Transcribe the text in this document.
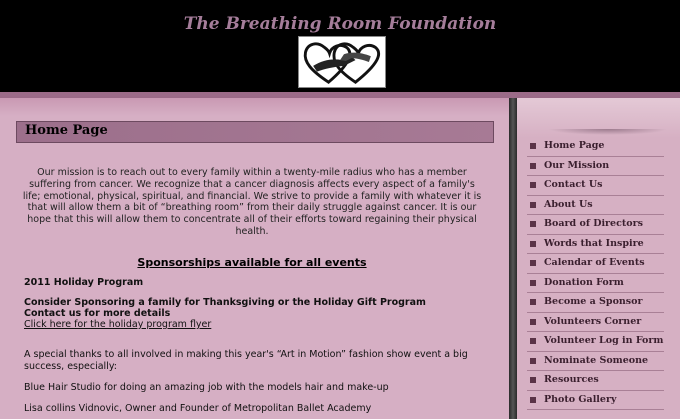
The Breathing Room Foundation
Home Page

Our mission is to reach out to every family within a twenty-mile radius who has a member suffering from cancer. We recognize that a cancer diagnosis affects every aspect of a family's life; emotional, physical, spiritual, and financial. We strive to provide a family with whatever it is that will allow them a bit of “breathing room” from their daily struggle against cancer. It is our hope that this will allow them to concentrate all of their efforts toward regaining their physical health.

Sponsorships available for all events
2011 Holiday Program
Consider Sponsoring a family for Thanksgiving or the Holiday Gift Program
Contact us for more details
Click here for the holiday program flyer
A special thanks to all involved in making this year's “Art in Motion” fashion show event a big
success, especially:
Blue Hair Studio for doing an amazing job with the models hair and make-up
Lisa collins Vidnovic, Owner and Founder of Metropolitan Ballet Academy
Home Page
Our Mission
Contact Us
About Us
Board of Directors
Words that Inspire
Calendar of Events
Donation Form
Become a Sponsor
Volunteers Corner
Volunteer Log in Form
Nominate Someone
Resources
Photo Gallery
